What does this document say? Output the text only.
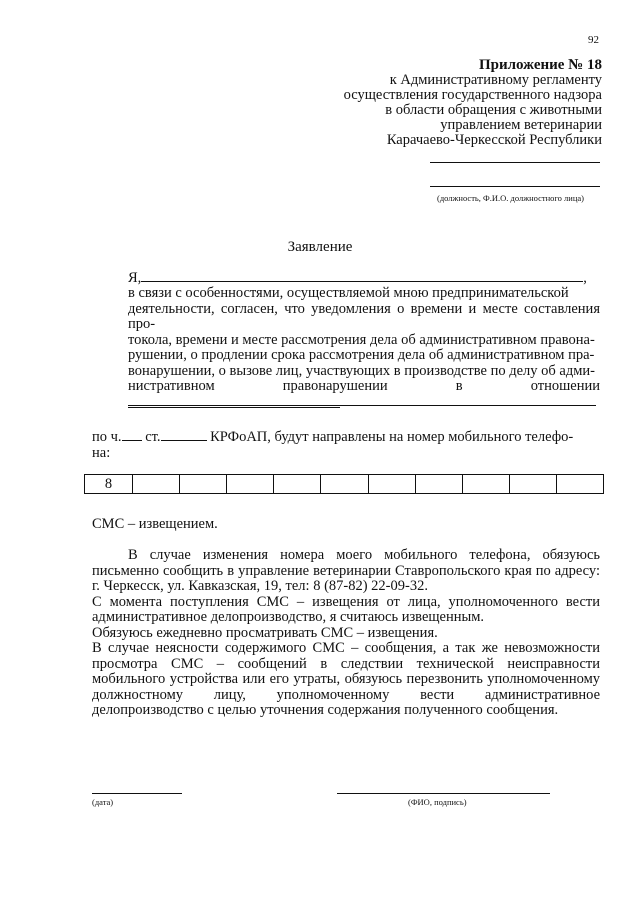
92
Приложение № 18
к Административному регламенту
осуществления государственного надзора
в области обращения с животными
управлением ветеринарии
Карачаево-Черкесской Республики
(должность, Ф.И.О. должностного лица)
Заявление
Я,	,
в связи с особенностями, осуществляемой мною предпринимательской
деятельности, согласен, что уведомления о времени и месте составления про-
токола, времени и месте рассмотрения дела об административном правона-
рушении, о продлении срока рассмотрения дела об административном пра-
вонарушении, о вызове лиц, участвующих в производстве по делу об адми-
нистративном правонарушении в отношении
по ч. ст.	КРФоАП, будут направлены на номер мобильного телефо-
на:
8
СМС – извещением.
В случае изменения номера моего мобильного телефона, обязуюсь письменно сообщить в управление ветеринарии Ставропольского края по адресу: г. Черкесск, ул. Кавказская, 19, тел: 8 (87-82) 22-09-32.
С момента поступления СМС – извещения от лица, уполномоченного вести административное делопроизводство, я считаюсь извещенным.
Обязуюсь ежедневно просматривать СМС – извещения.
В случае неясности содержимого СМС – сообщения, а так же невозможности просмотра СМС – сообщений в следствии технической неисправности мобильного устройства или его утраты, обязуюсь перезвонить уполномоченному должностному лицу, уполномоченному вести административное делопроизводство с целью уточнения содержания полученного сообщения.
(дата)	(ФИО, подпись)
